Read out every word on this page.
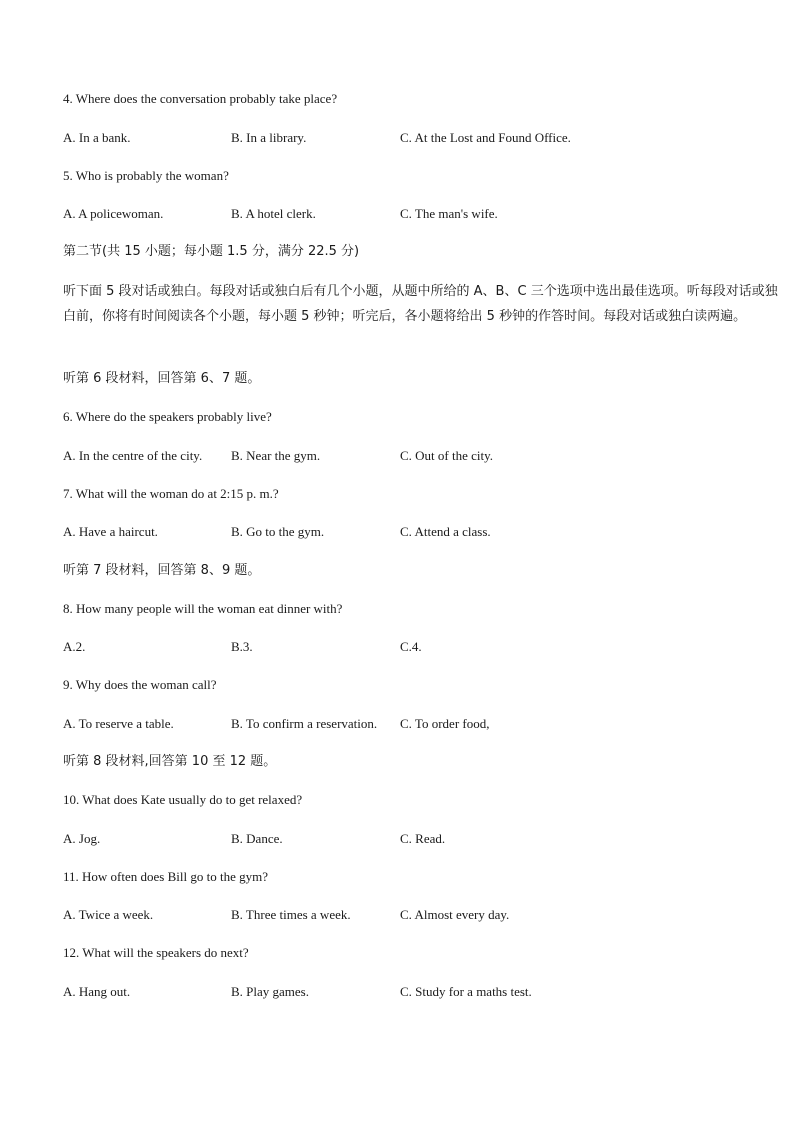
4. Where does the conversation probably take place?
A. In a bank.	B. In a library.	C. At the Lost and Found Office.
5. Who is probably the woman?
A. A policewoman.	B. A hotel clerk.	C. The man's wife.
第二节(共 15 小题；每小题 1.5 分，满分 22.5 分)
听下面 5 段对话或独白。每段对话或独白后有几个小题，从题中所给的 A、B、C 三个选项中选出最佳选项。听每段对话或独白前，你将有时间阅读各个小题，每小题 5 秒钟；听完后，各小题将给出 5 秒钟的作答时间。每段对话或独白读两遍。
听第 6 段材料，回答第 6、7 题。
6. Where do the speakers probably live?
A. In the centre of the city. B. Near the gym.	C. Out of the city.
7. What will the woman do at 2:15 p. m.?
A. Have a haircut.	B. Go to the gym.	C. Attend a class.
听第 7 段材料，回答第 8、9 题。
8. How many people will the woman eat dinner with?
A.2.	B.3.	C.4.
9. Why does the woman call?
A. To reserve a table.	B. To confirm a reservation. C. To order food,
听第 8 段材料,回答第 10 至 12 题。
10. What does Kate usually do to get relaxed?
A. Jog.	B. Dance.	C. Read.
11. How often does Bill go to the gym?
A. Twice a week.	B. Three times a week.	C. Almost every day.
12. What will the speakers do next?
A. Hang out.	B. Play games.	C. Study for a maths test.
